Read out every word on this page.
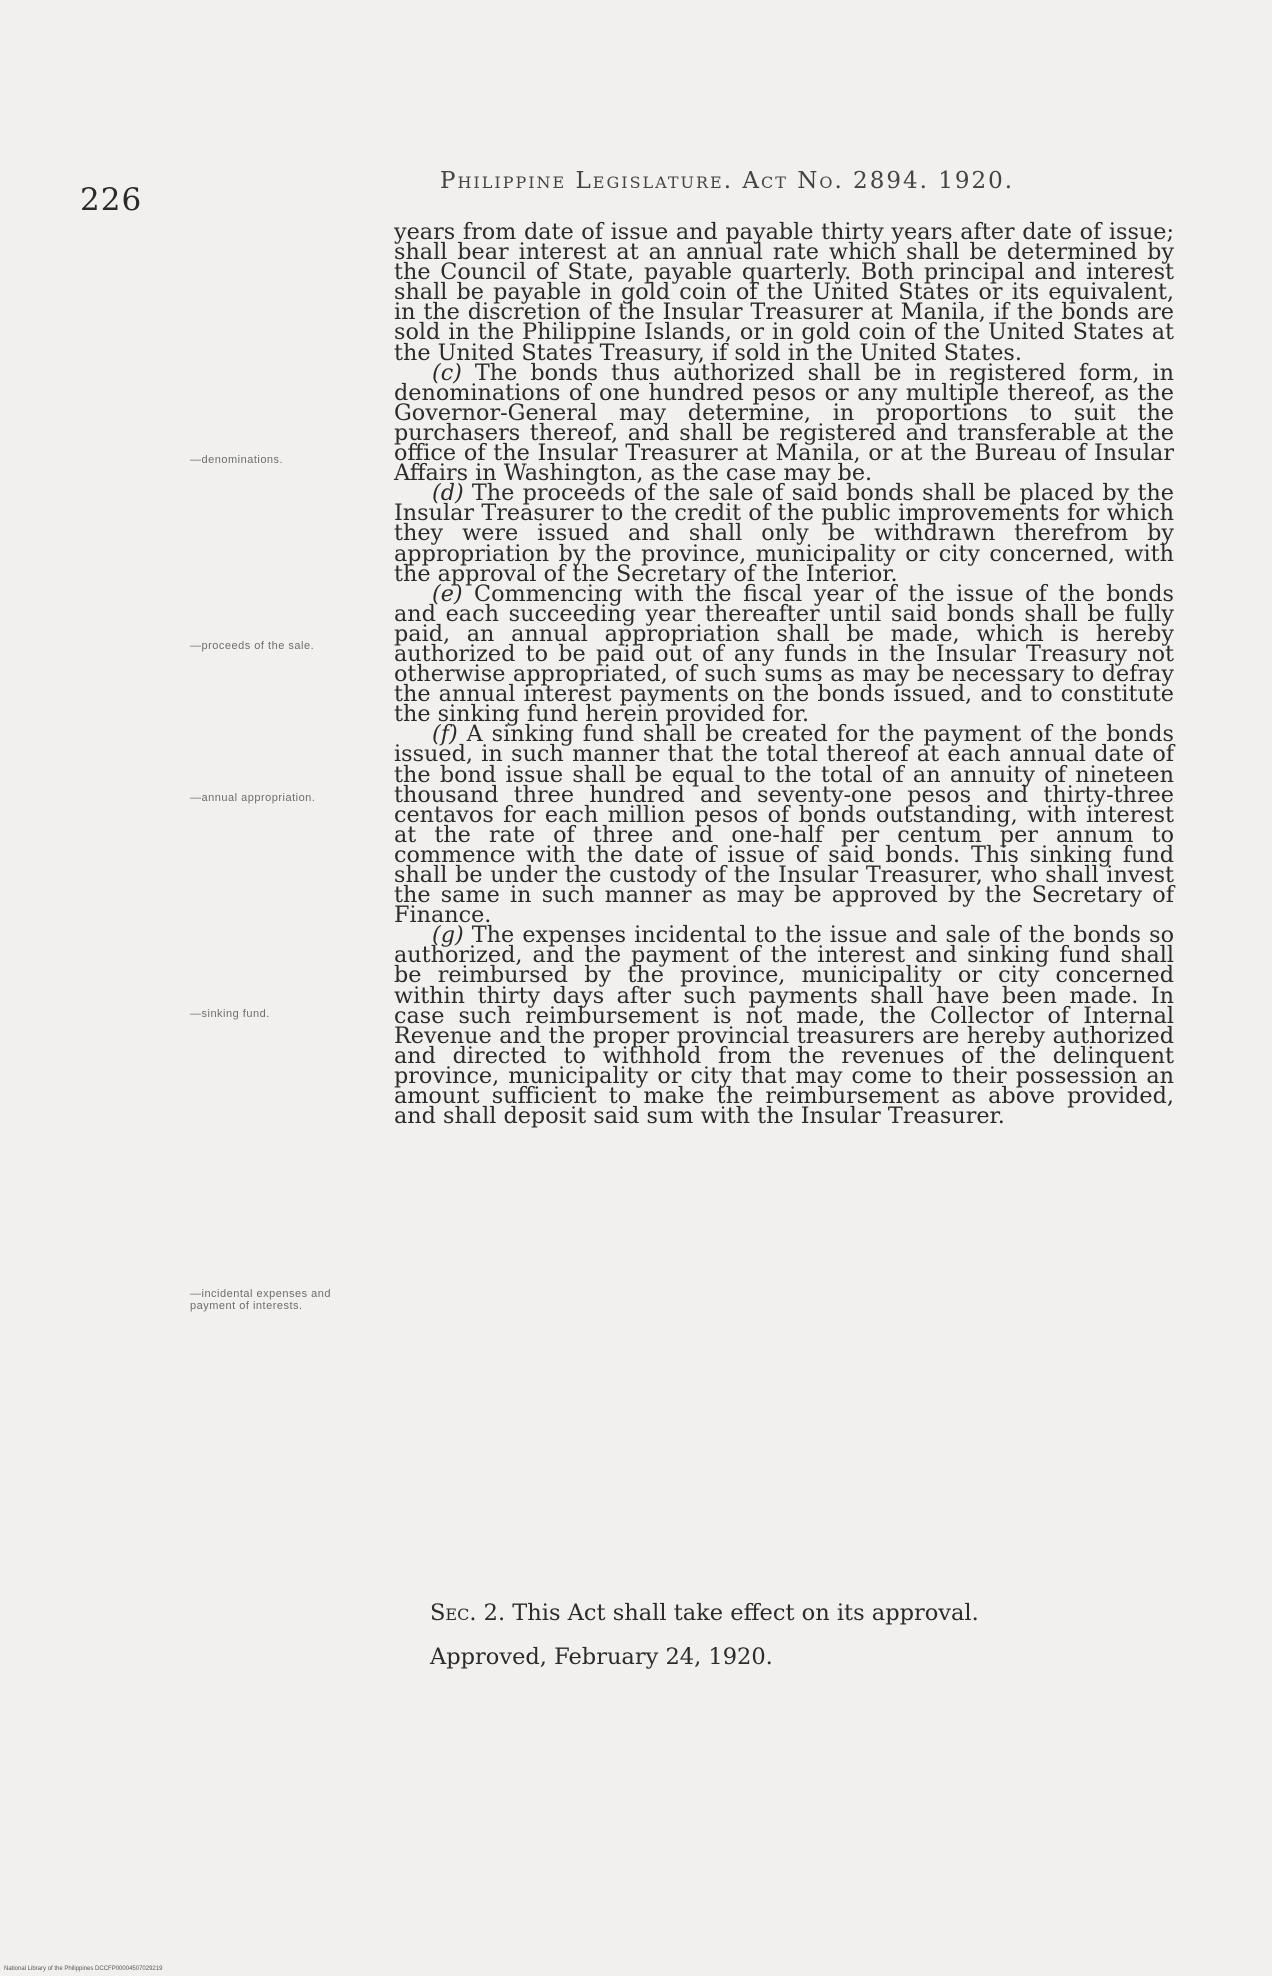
226
Philippine Legislature. Act No. 2894. 1920.
—denominations.
—proceeds of the sale.
—annual appropriation.
—sinking fund.
—incidental expenses and payment of interests.

years from date of issue and payable thirty years after date of issue; shall bear interest at an annual rate which shall be determined by the Council of State, payable quarterly. Both principal and interest shall be payable in gold coin of the United States or its equivalent, in the discretion of the Insular Treasurer at Manila, if the bonds are sold in the Philippine Islands, or in gold coin of the United States at the United States Treasury, if sold in the United States.

(c) The bonds thus authorized shall be in registered form, in denominations of one hundred pesos or any multiple thereof, as the Governor-General may determine, in proportions to suit the purchasers thereof, and shall be registered and transferable at the office of the Insular Treasurer at Manila, or at the Bureau of Insular Affairs in Washington, as the case may be.

(d) The proceeds of the sale of said bonds shall be placed by the Insular Treasurer to the credit of the public improvements for which they were issued and shall only be withdrawn therefrom by appropriation by the province, municipality or city concerned, with the approval of the Secretary of the Interior.

(e) Commencing with the fiscal year of the issue of the bonds and each succeeding year thereafter until said bonds shall be fully paid, an annual appropriation shall be made, which is hereby authorized to be paid out of any funds in the Insular Treasury not otherwise appropriated, of such sums as may be necessary to defray the annual interest payments on the bonds issued, and to constitute the sinking fund herein provided for.

(f) A sinking fund shall be created for the payment of the bonds issued, in such manner that the total thereof at each annual date of the bond issue shall be equal to the total of an annuity of nineteen thousand three hundred and seventy-one pesos and thirty-three centavos for each million pesos of bonds outstanding, with interest at the rate of three and one-half per centum per annum to commence with the date of issue of said bonds. This sinking fund shall be under the custody of the Insular Treasurer, who shall invest the same in such manner as may be approved by the Secretary of Finance.

(g) The expenses incidental to the issue and sale of the bonds so authorized, and the payment of the interest and sinking fund shall be reimbursed by the province, municipality or city concerned within thirty days after such payments shall have been made. In case such reimbursement is not made, the Collector of Internal Revenue and the proper provincial treasurers are hereby authorized and directed to withhold from the revenues of the delinquent province, municipality or city that may come to their possession an amount sufficient to make the reimbursement as above provided, and shall deposit said sum with the Insular Treasurer.

Sec. 2. This Act shall take effect on its approval.
Approved, February 24, 1920.
National Library of the Philippines DCCFP00004507029219
